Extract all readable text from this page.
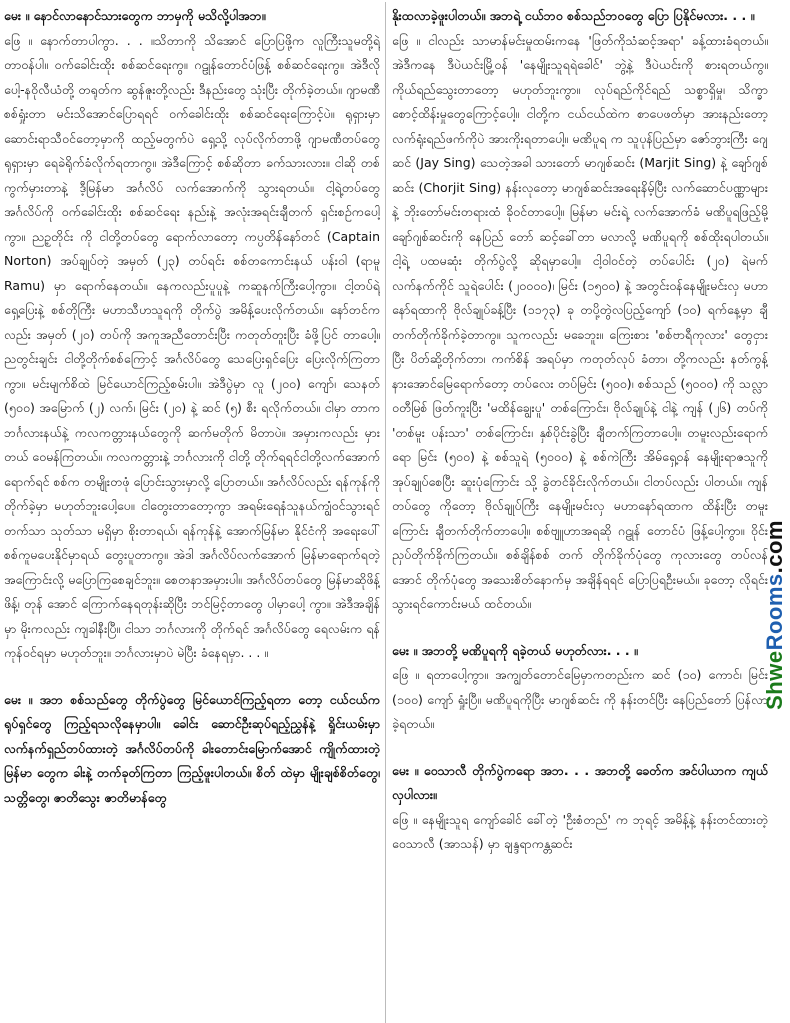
မေး ။ နောင်လာနောင်သားတွေက ဘာမှကို မသိလို့ပါအဘ။

ဖြေ ။ နောက်တာပါကွာ. . . ။သိတာကို သိအောင် ပြောပြဖို့က လူကြီးသူမတို့ရဲ့ တာဝန်ပါ။ ဝက်ခေါင်းထိုး စစ်ဆင်ရေးကွ။ ဂဠုန်တောင်ပံဖြန့် စစ်ဆင်ရေးကွ။ အဲဒီလိုပေါ့-နဝိုလီယံတို့ တရုတ်က ဆွန်ဇူးတို့လည်း ဒီနည်းတွေ သုံးပြီး တိုက်ခဲ့တယ်။ ဂျာမဏီ စစ်ရှုံးတာ မင်းသိအောင်ပြောရရင် ဝက်ခေါင်းထိုး စစ်ဆင်ရေးကြောင့်ပဲ။ ရုရှားမှာ ဆောင်းရာသီဝင်တော့မှာကို ထည့်မတွက်ပဲ ရှေ့သို့ လုပ်လိုက်တာဖို့ ဂျာမဏီတပ်တွေ ရုရှားမှာ ရေခဲရိုက်ခံလိုက်ရတာကွ။ အဲဒီကြောင့် စစ်ဆိုတာ ခက်သားလား။ ငါဆို တစ်ကွက်မှားတာနဲ့ ဒီ့မြန်မာ အင်္ဂလိပ် လက်အောက်ကို သွားရတယ်။ ငါ့ရဲ့တပ်တွေ အင်္ဂလိပ်ကို ဝက်ခေါင်းထိုး စစ်ဆင်ရေး နည်းနဲ့ အလုံးအရင်းချီတက် ရှင်းစဉ်ကပေါ့ကွာ။ ညဥ့တိုင်း ကို ငါတို့တပ်တွေ ရောက်လာတော့ ကပ္ပတိန်နော်တင် (Captain Norton) အပ်ချုပ်တဲ့ အမှတ် (၂၃) တပ်ရင်း စစ်တကောင်းနယ် ပန်းဝါ (ရာမူ Ramu) မှာ ရောက်နေတယ်။ နေကလည်းပူပူနဲ့ ကဆူနက်ကြီးပေါ့ကွာ။ ငါ့တပ်ရဲ့ ရှေ့ပြေးနဲ့ စစ်တိုကြီး မဟာသီဟသူရကို တိုက်ပွဲ အမိန့်ပေးလိုက်တယ်။ နော်တင်ကလည်း အမှတ် (၂၀) တပ်ကို အကူအညီတောင်းပြီး ကတုတ်တူးပြီး ခံဖို့ပြင် တာပေါ့။ ညတွင်းချင်း ငါတို့တိုက်စစ်ကြောင့် အင်္ဂလိပ်တွေ သေပြေးရှင်ပြေး ပြေးလိုက်ကြတာကွာ။ မင်းမျက်စိထဲ မြင်ယောင်ကြည့်စမ်းပါ။ အဲဒီပွဲမှာ လူ (၂၀၀) ကျော်၊ သေနတ် (၅၀၀) အမြောက် (၂) လက်၊ မြင်း (၂၀) နဲ့ ဆင် (၅) စီး ရလိုက်တယ်။ ငါမှာ တာက ဘင်္ဂလားနယ်နဲ့ ကလကတ္တားနယ်တွေကို ဆက်မတိုက် မိတာပဲ။ အမှားကလည်း မှားတယ် ဝေမန်ကြတယ်။ ကလကတ္တားနဲ့ ဘင်္ဂလားကို ငါတို့ တိုက်ရရင်ငါတို့လက်အောက် ရောက်ရင် စစ်က တမျိုးတဖုံ ပြောင်းသွားမှာလို့ ပြောတယ်။ အင်္ဂလိပ်လည်း ရန်ကုန်ကို တိုက်ခဲ့မှာ မဟုတ်ဘူးပေါ့ပေ။ ငါတွေးတာတော့ကွာ အရမ်းရေနံသူနယ်ကျွံဝင်သွားရင် တက်သာ သုတ်သာ မရှိမှာ စိုးတာရယ်၊ ရန်ကုန်နဲ့ အောက်မြန်မာ နိုင်ငံကို အရေးပေါ် စစ်ကူမပေးနိုင်မှာရယ် တွေးပူတာကွ။ အဲဒါ အင်္ဂလိပ်လက်အောက် မြန်မာရောက်ရတဲ့ အကြောင်းလို့ မပြောကြစေချင်ဘူး။ စေတနာအမှားပါ။ အင်္ဂလိပ်တပ်တွေ မြန်မာဆိုဖိန့်ဖိန့်၊ တုန် အောင် ကြောက်နေရတုန်းဆိုပြီး ဘင်မြင့်တာတွေ ပါမှာပေါ့ ကွာ။ အဲဒီအချိန်မှာ မိုးကလည်း ကျခါနီးပြီ။ ငါသာ ဘင်္ဂလားကို တိုက်ရင် အင်္ဂလိပ်တွေ ရေလမ်းက ရန်ကုန်ဝင်ရမှာ မဟုတ်ဘူး။ ဘင်္ဂလားမှာပဲ မဲပြီး ခံနေရမှာ. . . ။

မေး ။ အဘ စစ်သည်တွေ တိုက်ပွဲတွေ မြင်ယောင်ကြည့်ရတာ တော့ ငယ်ငယ်က ရုပ်ရှင်တွေ ကြည့်ရသလိုနေမှာပါ။ ခေါင်း ဆောင်ဦးဆုပ်ရည့်ညွှန်နဲ့ ရှိုင်းယမ်းမှာ လက်နက်ရှည်တပ်ထားတဲ့ အင်္ဂလိပ်တပ်ကို ခါးတောင်းမြောက်အောင် ကျိုက်ထားတဲ့မြန်မာ တွေက ခါးနဲ့ တက်ခုတ်ကြတာ ကြည့်ဖူးပါတယ်။ စိတ် ထဲမှာ မျိုးချစ်စိတ်တွေ၊ သတ္တိတွေ၊ ဇာတိသွေး ဇာတိမာန်တွေ

နိုးထလာခဲ့ဖူးပါတယ်။ အဘရဲ့ ငယ်ဘဝ စစ်သည်ဘဝတွေ ပြော ပြနိုင်မလား. . . ။

ဖြေ ။ ငါလည်း သာမာန်မင်းမှုထမ်းကနေ 'ဖြတ်ကိုသံဆင့်အရာ' ခန့်ထားခံရတယ်။ အဲဒီကနေ ဒီပဲယင်းမြို့ဝန် 'နေမျိုးသူရရဲခေါင်' ဘွဲ့နဲ့ ဒီပဲယင်းကို စားရတယ်ကွ။ ကိုယ်ရည်သွေးတာတော့ မဟုတ်ဘူးကွာ။ လုပ်ရည်ကိုင်ရည် သစ္စာရှိမှု၊ သိက္ခာစောင့်ထိန်းမှုတွေကြောင့်ပေါ့။ ငါတို့က ငယ်ငယ်ထဲက စာပေဖတ်မှာ အားနည်းတော့ လက်ရုံးရည်ဖက်ကိုပဲ အားကိုးရတာပေါ့။ မဏိပူရ က သူပုန်ပြည်မှာ ဇော်ဘွားကြီး ဂျေဆင် (Jay Sing) သေတဲ့အခါ သားတော် မာဂျစ်ဆင်း (Marjit Sing) နဲ့ ချော်ဂျစ်ဆင်း (Chorjit Sing) နန်းလုတော့ မာဂျစ်ဆင်းအရေးနိမ့်ပြီး လက်ဆောင်ပဏ္ဏာများနဲ့ ဘိုးတော်မင်းတရားထံ ခိုဝင်တာပေါ့။ မြန်မာ မင်းရဲ့ လက်အောက်ခံ မဏိပူရဖြည့်မို့ ချော်ဂျစ်ဆင်းကို နေပြည် တော် ဆင့်ခေါ်တာ မလာလို့ မဏိပူရကို စစ်ထိုးရပါတယ်။ ငါ့ရဲ့ ပထမဆုံး တိုက်ပွဲလို့ ဆိုရမှာပေါ့။ ငါ့ဝါဝင်တဲ့ တပ်ပေါင်း (၂၀) ရဲမက် လက်နက်ကိုင် သူရဲပေါင်း (၂၀၀၀၀)၊ မြင်း (၁၅၀၀) နဲ့ အတွင်းဝန်နေမျိုးမင်းလှ မဟာနော်ရထာကို ဗိုလ်ချုပ်ခန့်ပြီး (၁၁၇၃) ခု တပို့တွဲလပြည့်ကျော် (၁၀) ရက်နေ့မှာ ချီတက်တိုက်ခိုက်ခဲ့တာကွ။ သူကလည်း မခေဘူး။ ကြေးစား 'စစ်ဗာရီကုလား' တွေငှားပြီး ပိတ်ဆို့တိုက်တာ၊ ကက်စိန် အရပ်မှာ ကတုတ်လုပ် ခံတာ၊ တို့ကလည်း နတ်ကွန့်နားအောင်မြေရောက်တော့ တပ်လေး တပ်မြင်း (၅၀၀)၊ စစ်သည် (၅၀၀၀) ကို သလ္လာဝတီမြစ် ဖြတ်ကူးပြီး 'မထိန်ချွေးပူ' တစ်ကြောင်း၊ ဗိုလ်ချုပ်နဲ့ ငါနဲ့ ကျန် (၂၆) တပ်ကို 'တစ်မူး ပန်းသာ' တစ်ကြောင်း၊ နှစ်ပိုင်းခွဲပြီး ချီတက်ကြတာပေါ့။ တမူးလည်းရောက်ရော မြင်း (၅၀၀) နဲ့ စစ်သူရဲ (၅၀၀၀) နဲ့ စစ်ကဲကြီး အိမ်ရှေ့ဝန် နေမျိုးရာဇသူကို အုပ်ချုပ်စေပြီး ဆူးပုံကြောင်း သို့ ခွဲတင်ခိုင်းလိုက်တယ်။ ငါတပ်လည်း ပါတယ်။ ကျန်တပ်တွေ ကိုတော့ ဗိုလ်ချုပ်ကြီး နေမျိုးမင်းလှ မဟာနော်ရထာက ထိန်းပြီး တမူးကြောင်း ချီတက်တိုက်တာပေါ့။ စစ်ဗျူဟာအရဆို ဂဠုန် တောင်ပံ ဖြန့်ပေါ့ကွာ။ ဝိုင်းညှပ်တိုက်ခိုက်ကြတယ်။ စစ်ချိန်စစ် တက် တိုက်ခိုက်ပုံတွေ ကုလားတွေ တပ်လန်အောင် တိုက်ပုံတွေ အသေးစိတ်နောက်မှ အချိန်ရရင် ပြောပြရဦးမယ်။ ခုတော့ လိုရင်း သွားရင်ကောင်းမယ် ထင်တယ်။

မေး ။ အဘတို့ မဏိပူရကို ရခဲ့တယ် မဟုတ်လား. . . ။

ဖြေ ။ ရတာပေါ့ကွာ။ အကျွတ်တောင်မြေမှာကတည်းက ဆင် (၁၀) ကောင်၊ မြင်း (၁၀၀) ကျော် ရှုံးပြီ။ မဏိပူရကိုပြီး မာဂျစ်ဆင်း ကို နန်းတင်ပြီး နေပြည်တော် ပြန်လာခဲ့ရတယ်။

မေး ။ ဝေသာလီ တိုက်ပွဲကရော အဘ. . . အဘတို့ ခေတ်က အင်ပါယာက ကျယ်လှပါလား။

ဖြေ ။ နေမျိုးသူရ ကျော်ခေါင် ခေါ်တဲ့ 'ဦးစံတည်' က ဘုရင့် အမိန့်နဲ့ နန်းတင်ထားတဲ့ ဝေသာလီ (အာသန်) မှာ ချန္ဒရာကန္တဆင်း

ShweRooms.com
